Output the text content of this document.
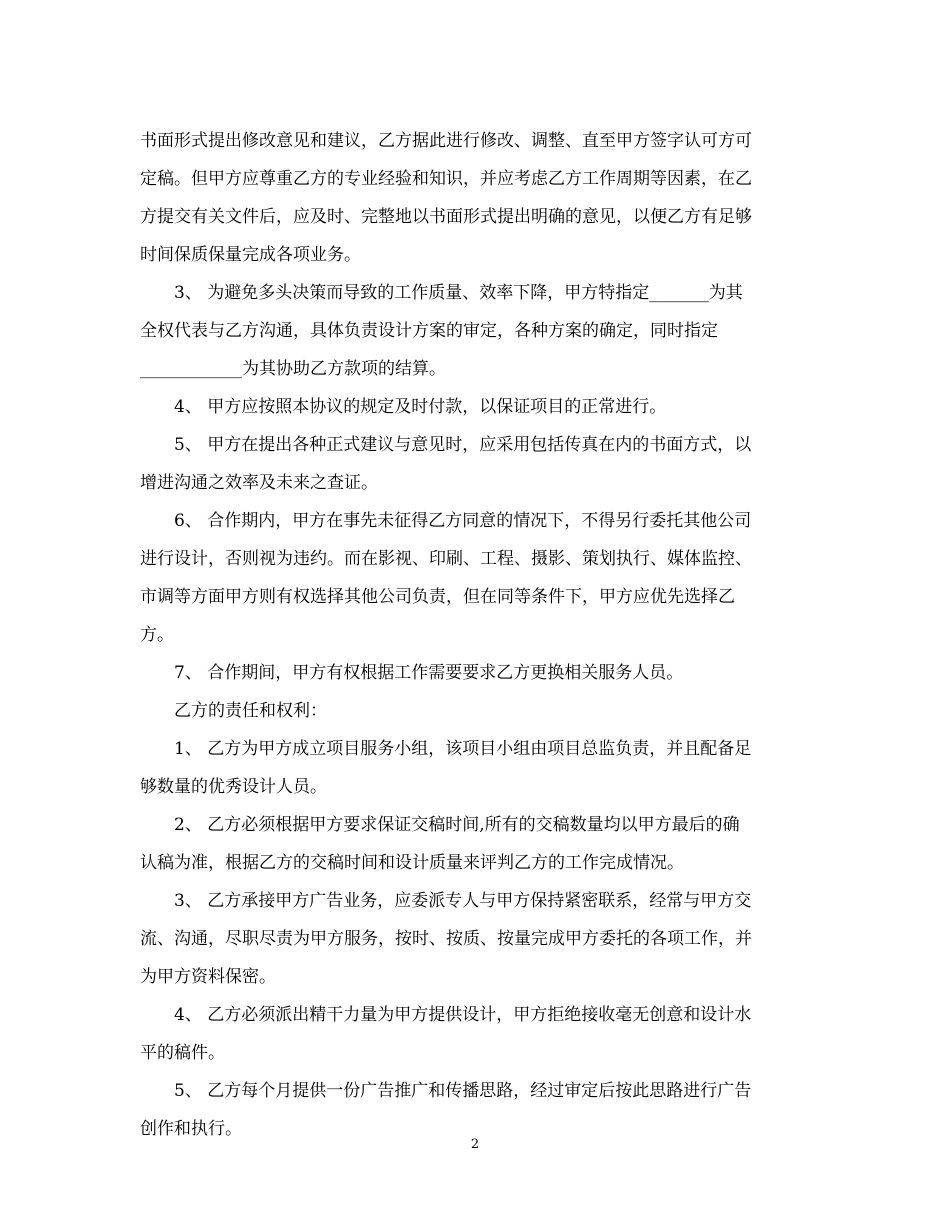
书面形式提出修改意见和建议，乙方据此进行修改、调整、直至甲方签字认可方可
定稿。但甲方应尊重乙方的专业经验和知识，并应考虑乙方工作周期等因素，在乙
方提交有关文件后，应及时、完整地以书面形式提出明确的意见，以便乙方有足够
时间保质保量完成各项业务。
3、 为避免多头决策而导致的工作质量、效率下降，甲方特指定_______为其
全权代表与乙方沟通，具体负责设计方案的审定，各种方案的确定，同时指定
____________为其协助乙方款项的结算。
4、 甲方应按照本协议的规定及时付款，以保证项目的正常进行。
5、 甲方在提出各种正式建议与意见时，应采用包括传真在内的书面方式，以
增进沟通之效率及未来之查证。
6、 合作期内，甲方在事先未征得乙方同意的情况下，不得另行委托其他公司
进行设计，否则视为违约。而在影视、印刷、工程、摄影、策划执行、媒体监控、
市调等方面甲方则有权选择其他公司负责，但在同等条件下，甲方应优先选择乙
方。
7、 合作期间，甲方有权根据工作需要要求乙方更换相关服务人员。
乙方的责任和权利：
1、 乙方为甲方成立项目服务小组，该项目小组由项目总监负责，并且配备足
够数量的优秀设计人员。
2、 乙方必须根据甲方要求保证交稿时间,所有的交稿数量均以甲方最后的确
认稿为准，根据乙方的交稿时间和设计质量来评判乙方的工作完成情况。
3、 乙方承接甲方广告业务，应委派专人与甲方保持紧密联系，经常与甲方交
流、沟通，尽职尽责为甲方服务，按时、按质、按量完成甲方委托的各项工作，并
为甲方资料保密。
4、 乙方必须派出精干力量为甲方提供设计，甲方拒绝接收毫无创意和设计水
平的稿件。
5、 乙方每个月提供一份广告推广和传播思路，经过审定后按此思路进行广告
创作和执行。
2
